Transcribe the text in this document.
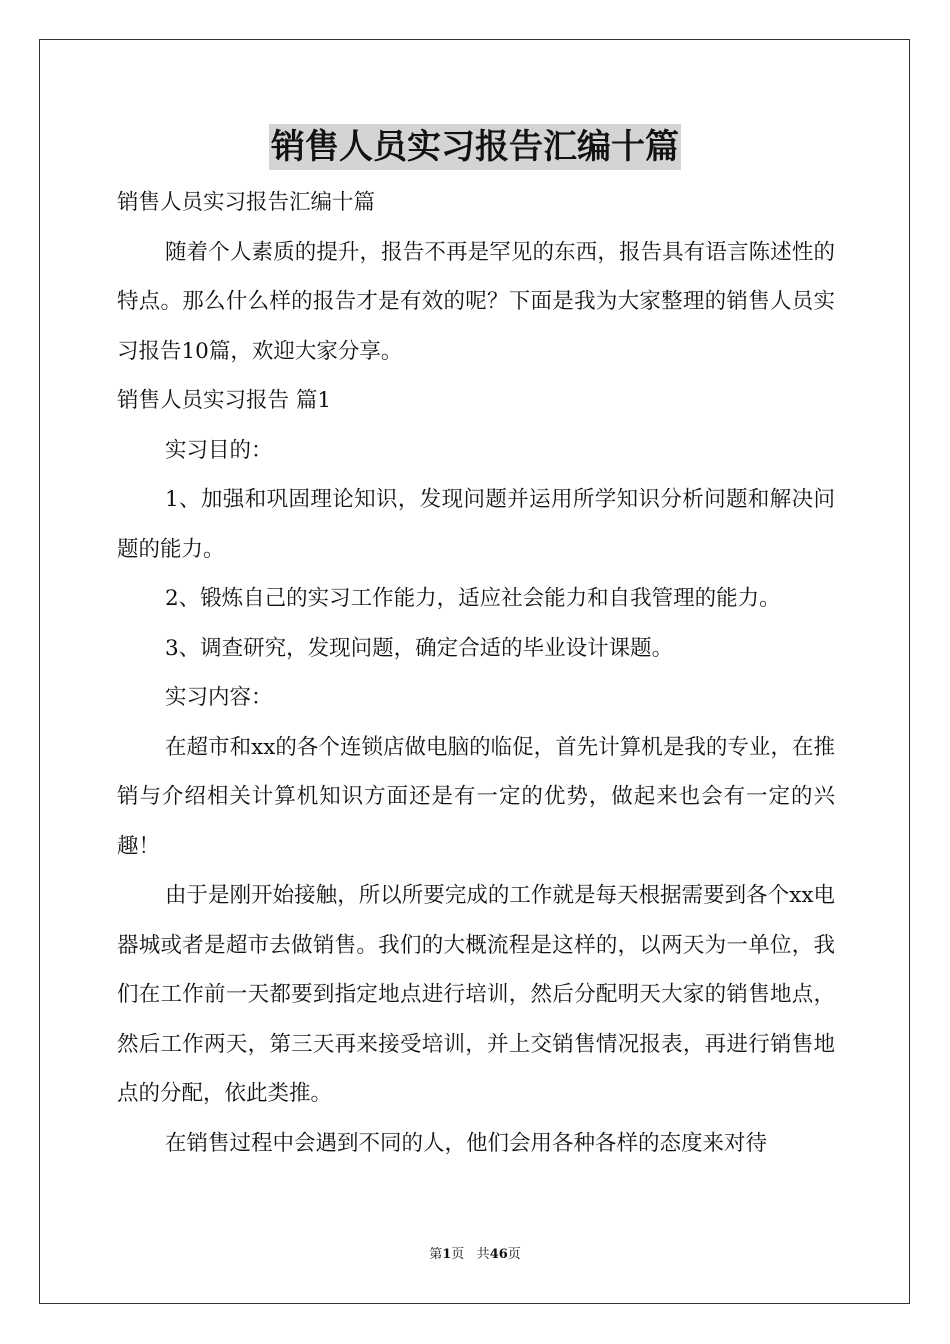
销售人员实习报告汇编十篇

销售人员实习报告汇编十篇

随着个人素质的提升，报告不再是罕见的东西，报告具有语言陈述性的特点。那么什么样的报告才是有效的呢？下面是我为大家整理的销售人员实习报告10篇，欢迎大家分享。

销售人员实习报告 篇1

实习目的：

1、加强和巩固理论知识，发现问题并运用所学知识分析问题和解决问题的能力。

2、锻炼自己的实习工作能力，适应社会能力和自我管理的能力。

3、调查研究，发现问题，确定合适的毕业设计课题。

实习内容：

在超市和xx的各个连锁店做电脑的临促，首先计算机是我的专业，在推销与介绍相关计算机知识方面还是有一定的优势，做起来也会有一定的兴趣！

由于是刚开始接触，所以所要完成的工作就是每天根据需要到各个xx电器城或者是超市去做销售。我们的大概流程是这样的，以两天为一单位，我们在工作前一天都要到指定地点进行培训，然后分配明天大家的销售地点，然后工作两天，第三天再来接受培训，并上交销售情况报表，再进行销售地点的分配，依此类推。

在销售过程中会遇到不同的人，他们会用各种各样的态度来对待

第1页 共46页
